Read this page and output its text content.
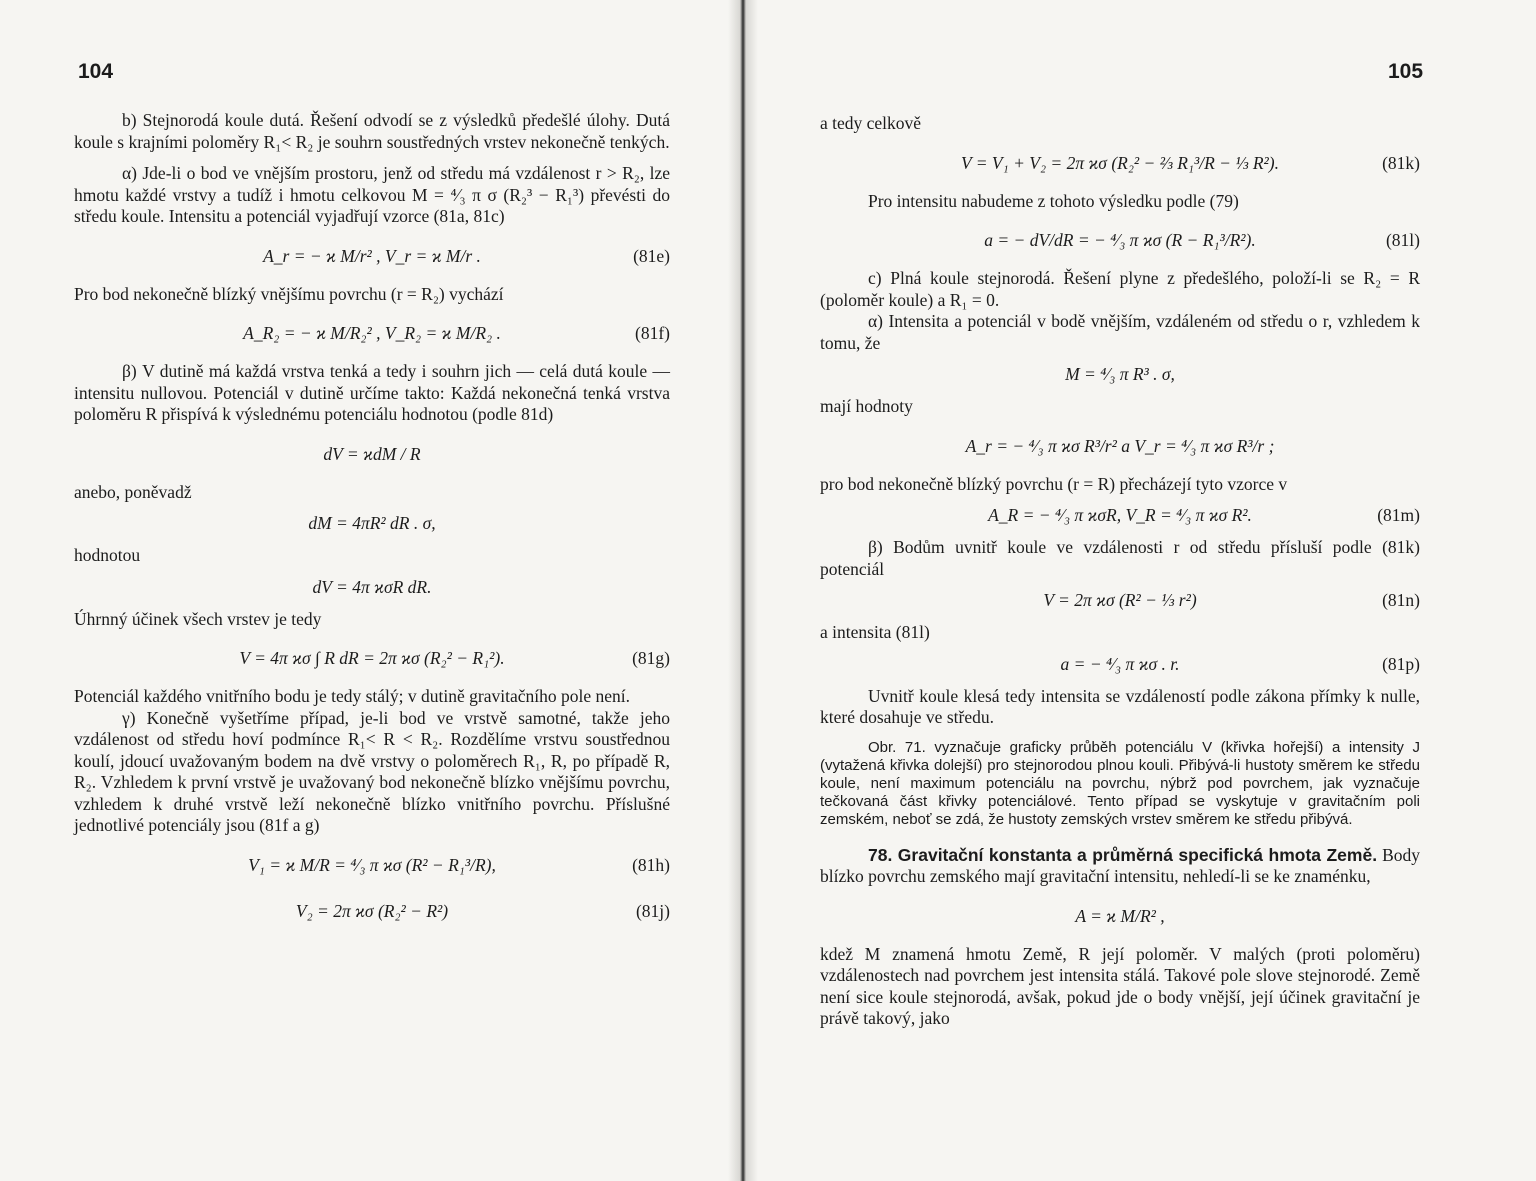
104	105

b) Stejnorodá koule dutá. Řešení odvodí se z výsledků předešlé úlohy. Dutá koule s krajními poloměry R₁< R₂ je souhrn soustředných vrstev nekonečně tenkých.

α) Jde-li o bod ve vnějším prostoru, jenž od středu má vzdálenost r > R₂, lze hmotu každé vrstvy a tudíž i hmotu celkovou M = ⁴⁄₃ π σ (R₂³ − R₁³) převésti do středu koule. Intensitu a potenciál vyjadřují vzorce (81a, 81c)

A_r = − ϰ M/r² , V_r = ϰ M/r .	(81e)

Pro bod nekonečně blízký vnějšímu povrchu (r = R₂) vychází

A_R₂ = − ϰ M/R₂² , V_R₂ = ϰ M/R₂ .	(81f)

β) V dutině má každá vrstva tenká a tedy i souhrn jich — celá dutá koule — intensitu nullovou. Potenciál v dutině určíme takto: Každá nekonečná tenká vrstva poloměru R přispívá k výslednému potenciálu hodnotou (podle 81d)

dV = ϰdM / R

anebo, poněvadž

dM = 4πR² dR . σ,

hodnotou

dV = 4π ϰσR dR.

Úhrnný účinek všech vrstev je tedy

V = 4π ϰσ ∫ R dR = 2π ϰσ (R₂² − R₁²).	(81g)

Potenciál každého vnitřního bodu je tedy stálý; v dutině gravitačního pole není.

γ) Konečně vyšetříme případ, je-li bod ve vrstvě samotné, takže jeho vzdálenost od středu hoví podmínce R₁< R < R₂. Rozdělíme vrstvu soustřednou koulí, jdoucí uvažovaným bodem na dvě vrstvy o poloměrech R₁, R, po případě R, R₂. Vzhledem k první vrstvě je uvažovaný bod nekonečně blízko vnějšímu povrchu, vzhledem k druhé vrstvě leží nekonečně blízko vnitřního povrchu. Příslušné jednotlivé potenciály jsou (81f a g)

V₁ = ϰ M/R = ⁴⁄₃ π ϰσ (R² − R₁³/R),	(81h)
V₂ = 2π ϰσ (R₂² − R²)	(81j)

a tedy celkově

V = V₁ + V₂ = 2π ϰσ (R₂² − ⅔ R₁³/R − ⅓ R²).	(81k)

Pro intensitu nabudeme z tohoto výsledku podle (79)

a = − dV/dR = − ⁴⁄₃ π ϰσ (R − R₁³/R²).	(81l)

c) Plná koule stejnorodá. Řešení plyne z předešlého, položí-li se R₂ = R (poloměr koule) a R₁ = 0.

α) Intensita a potenciál v bodě vnějším, vzdáleném od středu o r, vzhledem k tomu, že

M = ⁴⁄₃ π R³ . σ,

mají hodnoty

A_r = − ⁴⁄₃ π ϰσ R³/r² a V_r = ⁴⁄₃ π ϰσ R³/r ;

pro bod nekonečně blízký povrchu (r = R) přecházejí tyto vzorce v

A_R = − ⁴⁄₃ π ϰσR, V_R = ⁴⁄₃ π ϰσ R².	(81m)

β) Bodům uvnitř koule ve vzdálenosti r od středu přísluší podle (81k) potenciál

V = 2π ϰσ (R² − ⅓ r²)	(81n)

a intensita (81l)

a = − ⁴⁄₃ π ϰσ . r.	(81p)

Uvnitř koule klesá tedy intensita se vzdáleností podle zákona přímky k nulle, které dosahuje ve středu.

Obr. 71. vyznačuje graficky průběh potenciálu V (křivka hořejší) a intensity J (vytažená křivka dolejší) pro stejnorodou plnou kouli. Přibývá-li hustoty směrem ke středu koule, není maximum potenciálu na povrchu, nýbrž pod povrchem, jak vyznačuje tečkovaná část křivky potenciálové. Tento případ se vyskytuje v gravitačním poli zemském, neboť se zdá, že hustoty zemských vrstev směrem ke středu přibývá.

78. Gravitační konstanta a průměrná specifická hmota Země. Body blízko povrchu zemského mají gravitační intensitu, nehledí-li se ke znaménku,

A = ϰ M/R² ,

kdež M znamená hmotu Země, R její poloměr. V malých (proti poloměru) vzdálenostech nad povrchem jest intensita stálá. Takové pole slove stejnorodé. Země není sice koule stejnorodá, avšak, pokud jde o body vnější, její účinek gravitační je právě takový, jako
